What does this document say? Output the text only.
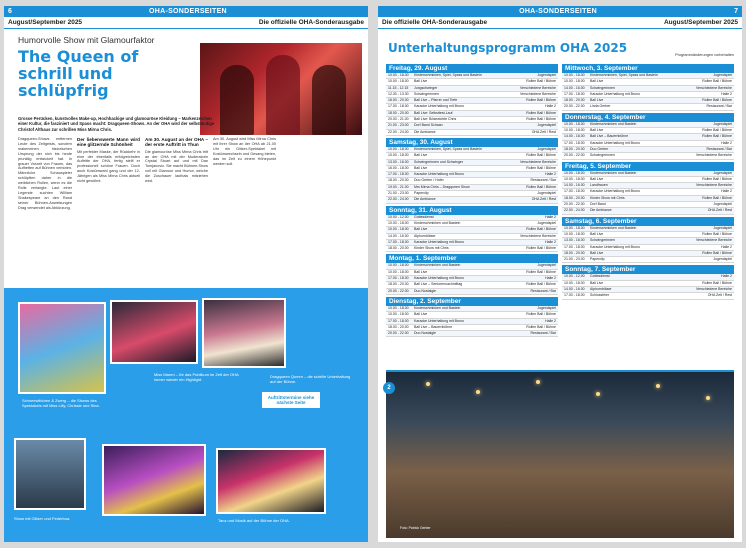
6	OHA-SONDERSEITEN
August/September 2025	Die offizielle OHA-Sonderausgabe
Humorvolle Show mit Glamourfaktor
The Queen of schrill und schlüpfrig
Grosse Perücken, kunstvolles Make-up, Hochhackige und glamouröse Kleidung – Markenzeichen einer Kultur, die fasziniert und Spass macht: Dragqueen-Shows. An der OHA wird der selbständige Christof Althaus zur schrillen Miss Mirna Chris.
Dragqueen-Shows entfernen Leute des Zeitgeists, sondern makeneinen historischen Ursprung der sich bis heute prunktig entwickelt hat. In grauer Vorzeit von Frauen, das Aufhetten auf Bühnen verboten. Männliche Schauspieler schlüpften daher in die weiblichen Rollen, wenn es die Rolle verlangte. Laut einer Legende suchten William Shakespeare an den Rand seiner Bühnen-Anweisungen Drag verwendet als Abkürzung.
Der liebenswerte Mann wird eine glitzernde Schönheit
Mit perfekter Maske, der Rückkehr in eine der ebenfalls erfolgreichsten Auftritte der OHA, fertig stellt er professionell schöne Frauen. Doch auch Kostümwahl gang und der 12-Jährigen als Miss Mirna Chris aktuell nicht gewöhnt.
Am 30. August an der OHA – der erste Auftritt in Thun
Die glamouröse Miss Mirna Chris tritt an der OHA mit der Moderatorin Crystal Stuart auf und mit Dan Tomjanovic. Sie macht Bühnen-Show voll mit Glamour und Humor, welche die Zuschauer lauthals mitziehen wird.
Am 30. August wird Miss Mirna Chris mit ihrer Show an der OHA ab 21.00 Uhr ein Glitzer-Spektakel mit Kostümwechseln und Gesang bieten, das im Zelt zu einem Höhepunkt werden soll.
Schneewittchen & Zwerg – die Shows des Spektakels mit Miss Lilly, Chrissie und Sina.
Miss Maren – für das Publikum im Zelt der OHA immer wieder ein Highlight.
Dragqueen Queen – die schrille Unterhaltung auf der Bühne.
Show mit Glitzer und Federboa.	Tanz und Musik auf der Bühne der OHA.
Auftrittstermine siehe nächste Seite
OHA-SONDERSEITEN	7
Die offizielle OHA-Sonderausgabe	August/September 2025
Unterhaltungsprogramm OHA 2025	Programmänderungen vorbehalten
Freitag, 29. August
10.00 - 18.00	Kinderschminken, Spiel, Spass und Basteln	Jugendspiel
10.00 - 18.00	Ball Live	Rollen Ball / Bühne
11.15 - 12.15	Jungschwinger	Verschiedene Bereiche
12.30 - 13.30	Schwingerinnen	Verschiedene Bereiche
16.00 - 20.00	Ball Live – Pfarrer und Tiefe	Rollen Ball / Bühne
17.00 - 18.00	Karaoke Unterhaltung mit Bruno	Halle 2
18.00 - 20.00	Ball Live: Selbsttest-Lauf	Rollen Ball / Bühne
20.00 - 21.00	Ball Live: Bösewichte Chris	Rollen Ball / Bühne
21.00 - 23.00	Dorf Band Schaan	Jugendspiel
22.00 - 24.00	Die Ambiance	OHA Zelt / Rest
Samstag, 30. August
10.00 - 18.00	Kinderschminken, Spiel, Spass und Basteln	Jugendspiel
10.00 - 18.00	Ball Live	Rollen Ball / Bühne
13.00 - 16.00	Schwingerinnen und Schwinger	Verschiedene Bereiche
16.00 - 18.00	Ball Live	Rollen Ball / Bühne
17.00 - 18.00	Karaoke Unterhaltung mit Bruno	Halle 2
18.00 - 20.00	Duo Gerber / Hofer	Restaurant / Bar
19.00 - 21.00	Mrs Mirna Chris – Dragqueen Show	Rollen Ball / Bühne
21.00 - 23.00	Paperclip	Jugendspiel
22.00 - 24.00	Die Ambiance	OHA Zelt / Rest
Sonntag, 31. August
10.00 - 12.00	Gottesdienst	Halle 2
10.00 - 18.00	Kinderschminken und Basteln	Jugendspiel
10.00 - 18.00	Ball Live	Rollen Ball / Bühne
14.00 - 16.00	Alphornbläser	Verschiedene Bereiche
17.00 - 18.00	Karaoke Unterhaltung mit Bruno	Halle 2
18.00 - 20.00	Kinder Show mit Chris	Rollen Ball / Bühne
Montag, 1. September
10.00 - 18.00	Kinderschminken und Basteln	Jugendspiel
10.00 - 18.00	Ball Live	Rollen Ball / Bühne
17.00 - 18.00	Karaoke Unterhaltung mit Bruno	Halle 2
18.00 - 20.00	Ball Live – Seniorennachmittag	Rollen Ball / Bühne
20.00 - 22.00	Duo Nostalgie	Restaurant / Bar
Dienstag, 2. September
10.00 - 18.00	Kinderschminken und Basteln	Jugendspiel
10.00 - 18.00	Ball Live	Rollen Ball / Bühne
17.00 - 18.00	Karaoke Unterhaltung mit Bruno	Halle 2
18.00 - 20.00	Ball Live – Bauernbühne	Rollen Ball / Bühne
20.00 - 22.00	Duo Nostalgie	Restaurant / Bar
Mittwoch, 3. September
10.00 - 18.00	Kinderschminken, Spiel, Spass und Basteln	Jugendspiel
10.00 - 18.00	Ball Live	Rollen Ball / Bühne
14.00 - 16.00	Schwingerinnen	Verschiedene Bereiche
17.00 - 18.00	Karaoke Unterhaltung mit Bruno	Halle 2
18.00 - 20.00	Ball Live	Rollen Ball / Bühne
20.00 - 22.00	Linda Gerber	Restaurant / Bar
Donnerstag, 4. September
10.00 - 18.00	Kinderschminken und Basteln	Jugendspiel
10.00 - 18.00	Ball Live	Rollen Ball / Bühne
14.00 - 16.00	Ball Live – Bauernbühne	Rollen Ball / Bühne
17.00 - 18.00	Karaoke Unterhaltung mit Bruno	Halle 2
18.00 - 20.00	Duo Gerber	Restaurant / Bar
20.00 - 22.00	Schwingerinnen	Verschiedene Bereiche
Freitag, 5. September
10.00 - 18.00	Kinderschminken und Basteln	Jugendspiel
10.00 - 18.00	Ball Live	Rollen Ball / Bühne
14.00 - 16.00	Landfrauen	Verschiedene Bereiche
17.00 - 18.00	Karaoke Unterhaltung mit Bruno	Halle 2
18.00 - 20.00	Kinder Show mit Chris	Rollen Ball / Bühne
20.00 - 22.00	Dorf Band	Jugendspiel
22.00 - 24.00	Die Ambiance	OHA Zelt / Rest
Samstag, 6. September
10.00 - 18.00	Kinderschminken und Basteln	Jugendspiel
10.00 - 18.00	Ball Live	Rollen Ball / Bühne
13.00 - 16.00	Schwingerinnen	Verschiedene Bereiche
17.00 - 18.00	Karaoke Unterhaltung mit Bruno	Halle 2
18.00 - 20.00	Ball Live	Rollen Ball / Bühne
21.00 - 23.00	Paperclip	Jugendspiel
Sonntag, 7. September
10.00 - 12.00	Gottesdienst	Halle 2
10.00 - 18.00	Ball Live	Rollen Ball / Bühne
14.00 - 16.00	Alphornbläser	Verschiedene Bereiche
17.00 - 18.00	Schlussfeier	OHA Zelt / Rest
Foto: Patrick Gerber
2
